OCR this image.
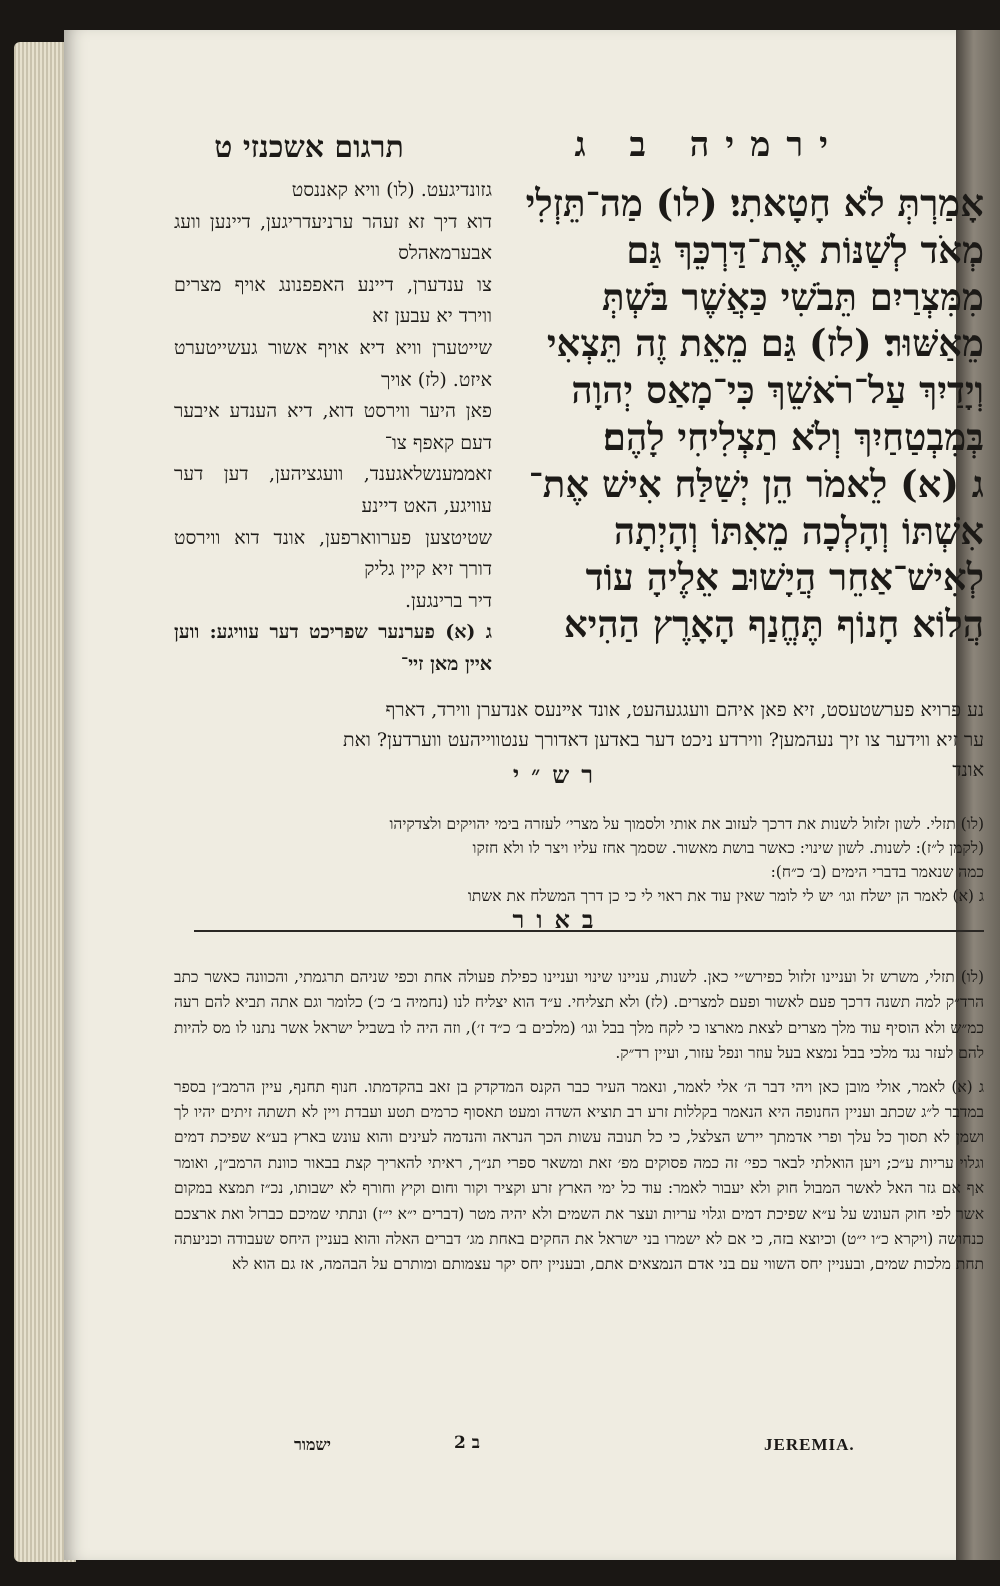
ירמיה ב ג
תרגום אשכנזי ט

אָמַרְתְּ לֹא חָטָאתִי׃ (לו) מַה־תֵּזְלִי

מְאֹד לְשַׁנּוֹת אֶת־דַּרְכֵּךְ גַּם

מִמִּצְרַיִם תֵּבֹשִׁי כַּאֲשֶׁר בֹּשְׁתְּ

מֵאַשּׁוּר׃ (לז) גַּם מֵאֵת זֶה תֵּצְאִי

וְיָדַיִךְ עַל־רֹאשֵׁךְ כִּי־מָאַס יְהוָה

בְּמִבְטַחַיִךְ וְלֹא תַצְלִיחִי לָהֶם׃

ג (א) לֵאמֹר הֵן יְשַׁלַּח אִישׁ אֶת־

אִשְׁתּוֹ וְהָלְכָה מֵאִתּוֹ וְהָיְתָה

לְאִישׁ־אַחֵר הֲיָשׁוּב אֵלֶיהָ עוֹד

הֲלוֹא חָנוֹף תֶּחֱנַף הָאָרֶץ הַהִיא

גזונדיגעט. (לו) וויא קאננסט

דוא דיך זא זעהר ערניעדריגען, דיינען וועג אבערמאהלס

צו ענדערן, דיינע האפפנונג אויף מצרים ווירד יא עבען זא

שייטערן וויא דיא אויף אשור געשייטערט איזט. (לז) אויך

פאן היער ווירסט דוא, דיא הענדע איבער דעם קאפף צו־

זאממענשלאגענד, וועגציהען, דען דער עוויגע, האט דיינע

שטיטצען פערווארפען, אונד דוא ווירסט דורך זיא קיין גליק

דיר ברינגען.

ג (א) פערנער שפריכט דער עוויגע: ווען איין מאן זיי־

נע פרויא פערשטעסט, זיא פאן איהם וועגגעהעט, אונד אײנעס אנדערן ווירד, דארף

ער זיא ווידער צו זיך נעהמען? ווירדע ניכט דער באדען דאדורך ענטווייהעט ווערדען? ואת

אונד

רש״י

(לו) תזלי. לשון זלזול לשנות את דרכך לעזוב את אותי ולסמוך על מצרי׳ לעזרה בימי יהויקים ולצדקיהו

(לקמן ל״ז): לשנות. לשון שינוי: כאשר בושת מאשור. שסמך אחז עליו ויצר לו ולא חזקו

כמה שנאמר בדברי הימים (ב׳ כ״ח):

ג (א) לאמר הן ישלח וגו׳ יש לי לומר שאין עוד את ראוי לי כי כן דרך המשלח את אשתו

באור

(לו) תזלי, משרש זל ועניינו זלזול כפירש״י כאן. לשנות, עניינו שינוי ועניינו כפילת פעולה אחת וכפי שניהם תרגמתי, והכוונה כאשר כתב הרד״ק למה תשנה דרכך פעם לאשור ופעם למצרים. (לז) ולא תצליחי. ע״ד הוא יצליח לנו (נחמיה ב׳ כ׳) כלומר וגם אתה תביא להם רעה כמ״ש ולא הוסיף עוד מלך מצרים לצאת מארצו כי לקח מלך בבל וגו׳ (מלכים ב׳ כ״ד ז׳), וזה היה לו בשביל ישראל אשר נתנו לו מס להיות להם לעזר נגד מלכי בבל נמצא בעל עוזר ונפל עזור, ועיין רד״ק.

ג (א) לאמר, אולי מובן כאן ויהי דבר ה׳ אלי לאמר, ונאמר העיר כבר הקנס המדקדק בן זאב בהקדמתו. חנוף תחנף, עיין הרמב״ן בספר במדבר ל״ג שכתב ועניין החנופה היא הנאמר בקללות זרע רב תוציא השדה ומעט תאסוף כרמים תטע ועבדת ויין לא תשתה זיתים יהיו לך ושמן לא תסוך כל עלך ופרי אדמתך יירש הצלצל, כי כל תנובה עשות הכך הנראה והנדמה לעינים והוא עונש בארץ בע״א שפיכת דמים וגלוי עריות ע״כ; ויען הואלתי לבאר כפי׳ זה כמה פסוקים מפ׳ זאת ומשאר ספרי תנ״ך, ראיתי להאריך קצת בבאור כוונת הרמב״ן, ואומר אף אם גזר האל לאשר המבול חוק ולא יעבור לאמר: עוד כל ימי הארץ זרע וקציר וקור וחום וקיץ וחורף לא ישבותו, נכ״ז תמצא במקום אשר לפי חוק העונש על ע״א שפיכת דמים וגלוי עריות ועצר את השמים ולא יהיה מטר (דברים י״א י״ז) ונתתי שמיכם כברזל ואת ארצכם כנחושה (ויקרא כ״ו י״ט) וכיוצא בזה, כי אם לא ישמרו בני ישראל את החקים באחת מג׳ דברים האלה והוא בעניין היחס שעבודה וכניעתה תחת מלכות שמים, ובעניין יחס השווי עם בני אדם הנמצאים אתם, ובעניין יחס יקר עצמותם ומותרם על הבהמה, אז גם הוא לא

ישמור	ב 2	JEREMIA.
